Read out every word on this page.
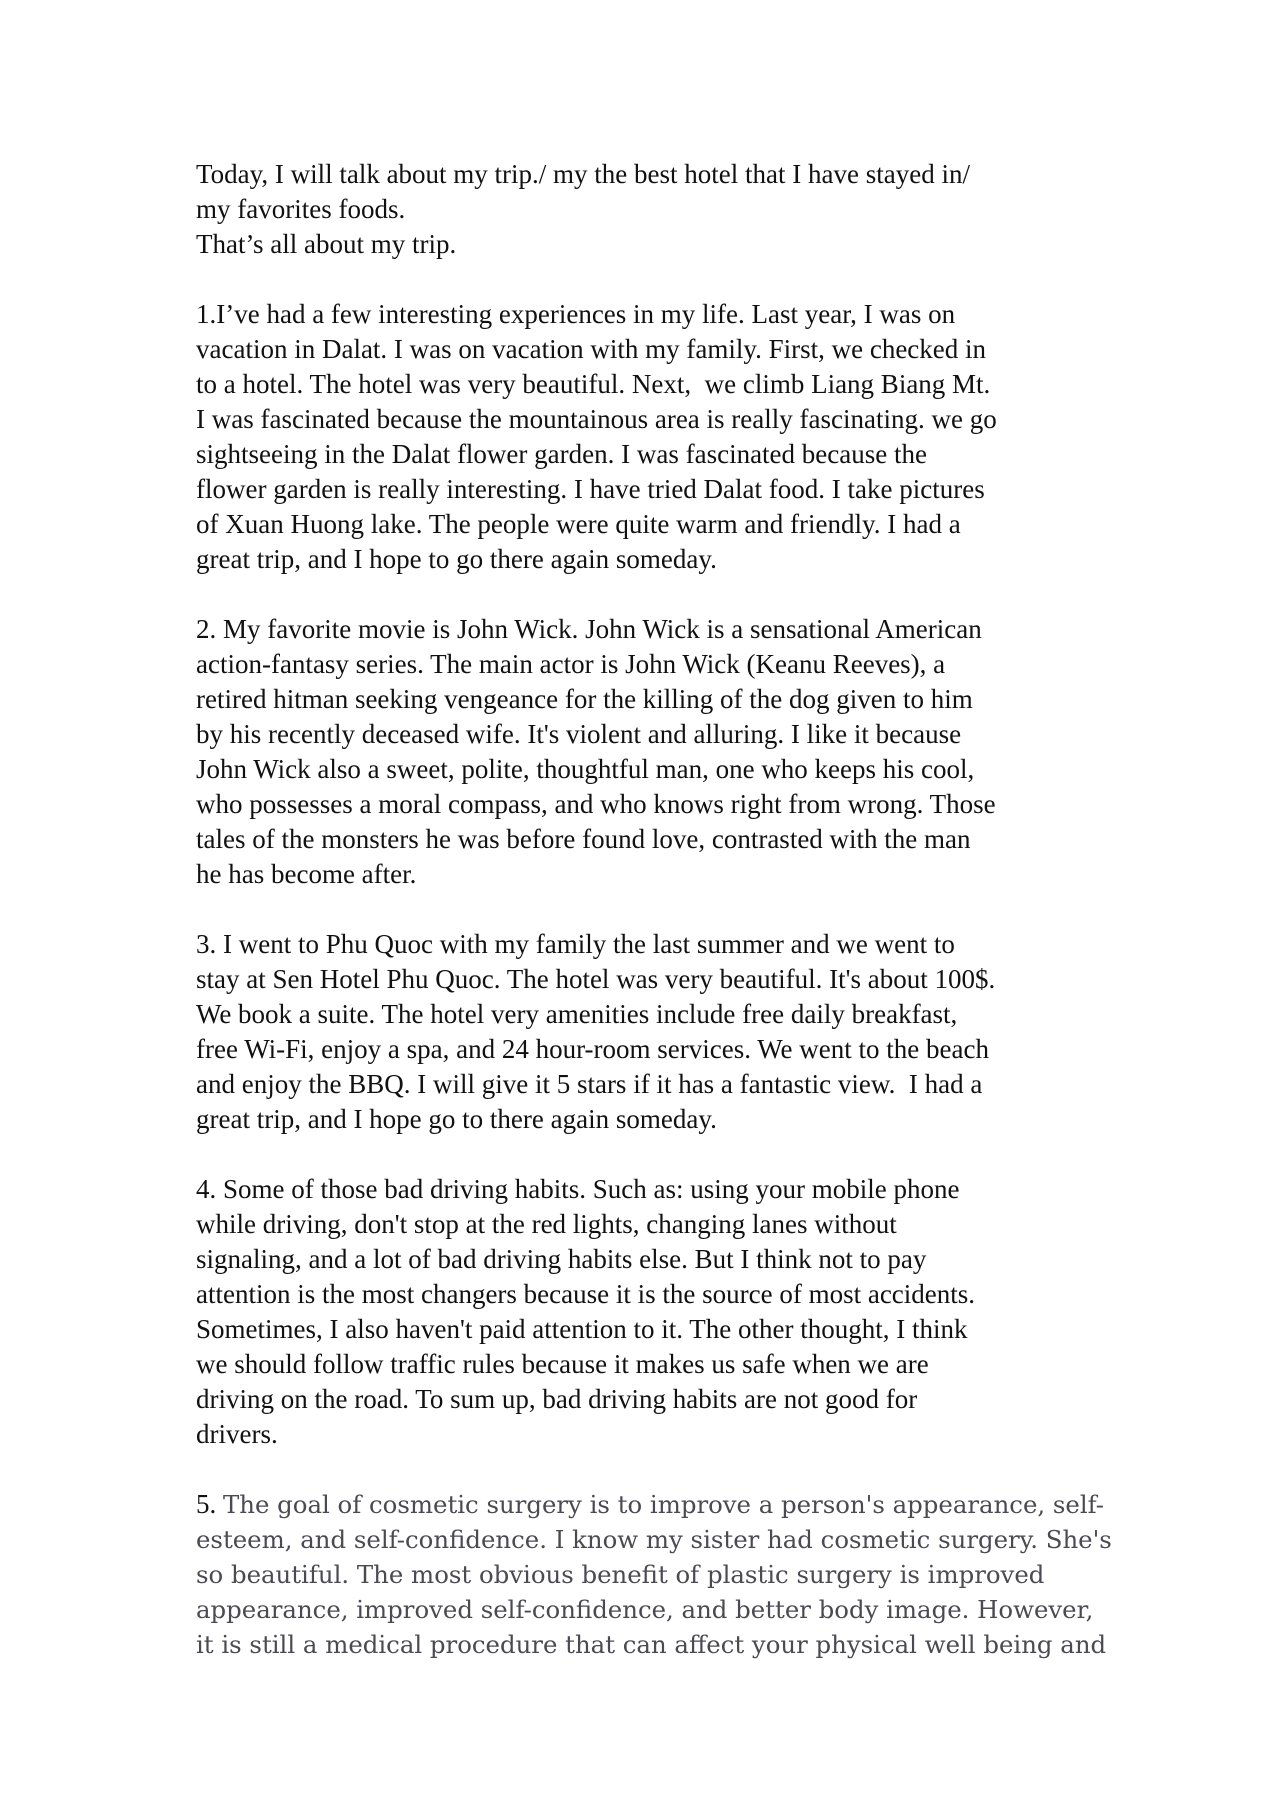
Today, I will talk about my trip./ my the best hotel that I have stayed in/
my favorites foods.
That’s all about my trip.
1.I’ve had a few interesting experiences in my life. Last year, I was on
vacation in Dalat. I was on vacation with my family. First, we checked in
to a hotel. The hotel was very beautiful. Next,  we climb Liang Biang Mt.
I was fascinated because the mountainous area is really fascinating. we go
sightseeing in the Dalat flower garden. I was fascinated because the
flower garden is really interesting. I have tried Dalat food. I take pictures
of Xuan Huong lake. The people were quite warm and friendly. I had a
great trip, and I hope to go there again someday.
2. My favorite movie is John Wick. John Wick is a sensational American
action-fantasy series. The main actor is John Wick (Keanu Reeves), a
retired hitman seeking vengeance for the killing of the dog given to him
by his recently deceased wife. It's violent and alluring. I like it because
John Wick also a sweet, polite, thoughtful man, one who keeps his cool,
who possesses a moral compass, and who knows right from wrong. Those
tales of the monsters he was before found love, contrasted with the man
he has become after.
3. I went to Phu Quoc with my family the last summer and we went to
stay at Sen Hotel Phu Quoc. The hotel was very beautiful. It's about 100$.
We book a suite. The hotel very amenities include free daily breakfast,
free Wi-Fi, enjoy a spa, and 24 hour-room services. We went to the beach
and enjoy the BBQ. I will give it 5 stars if it has a fantastic view.  I had a
great trip, and I hope go to there again someday.
4. Some of those bad driving habits. Such as: using your mobile phone
while driving, don't stop at the red lights, changing lanes without
signaling, and a lot of bad driving habits else. But I think not to pay
attention is the most changers because it is the source of most accidents.
Sometimes, I also haven't paid attention to it. The other thought, I think
we should follow traffic rules because it makes us safe when we are
driving on the road. To sum up, bad driving habits are not good for
drivers.
5. The goal of cosmetic surgery is to improve a person's appearance, self-
esteem, and self-confidence. I know my sister had cosmetic surgery. She's
so beautiful. The most obvious benefit of plastic surgery is improved
appearance, improved self-confidence, and better body image. However,
it is still a medical procedure that can affect your physical well being and
